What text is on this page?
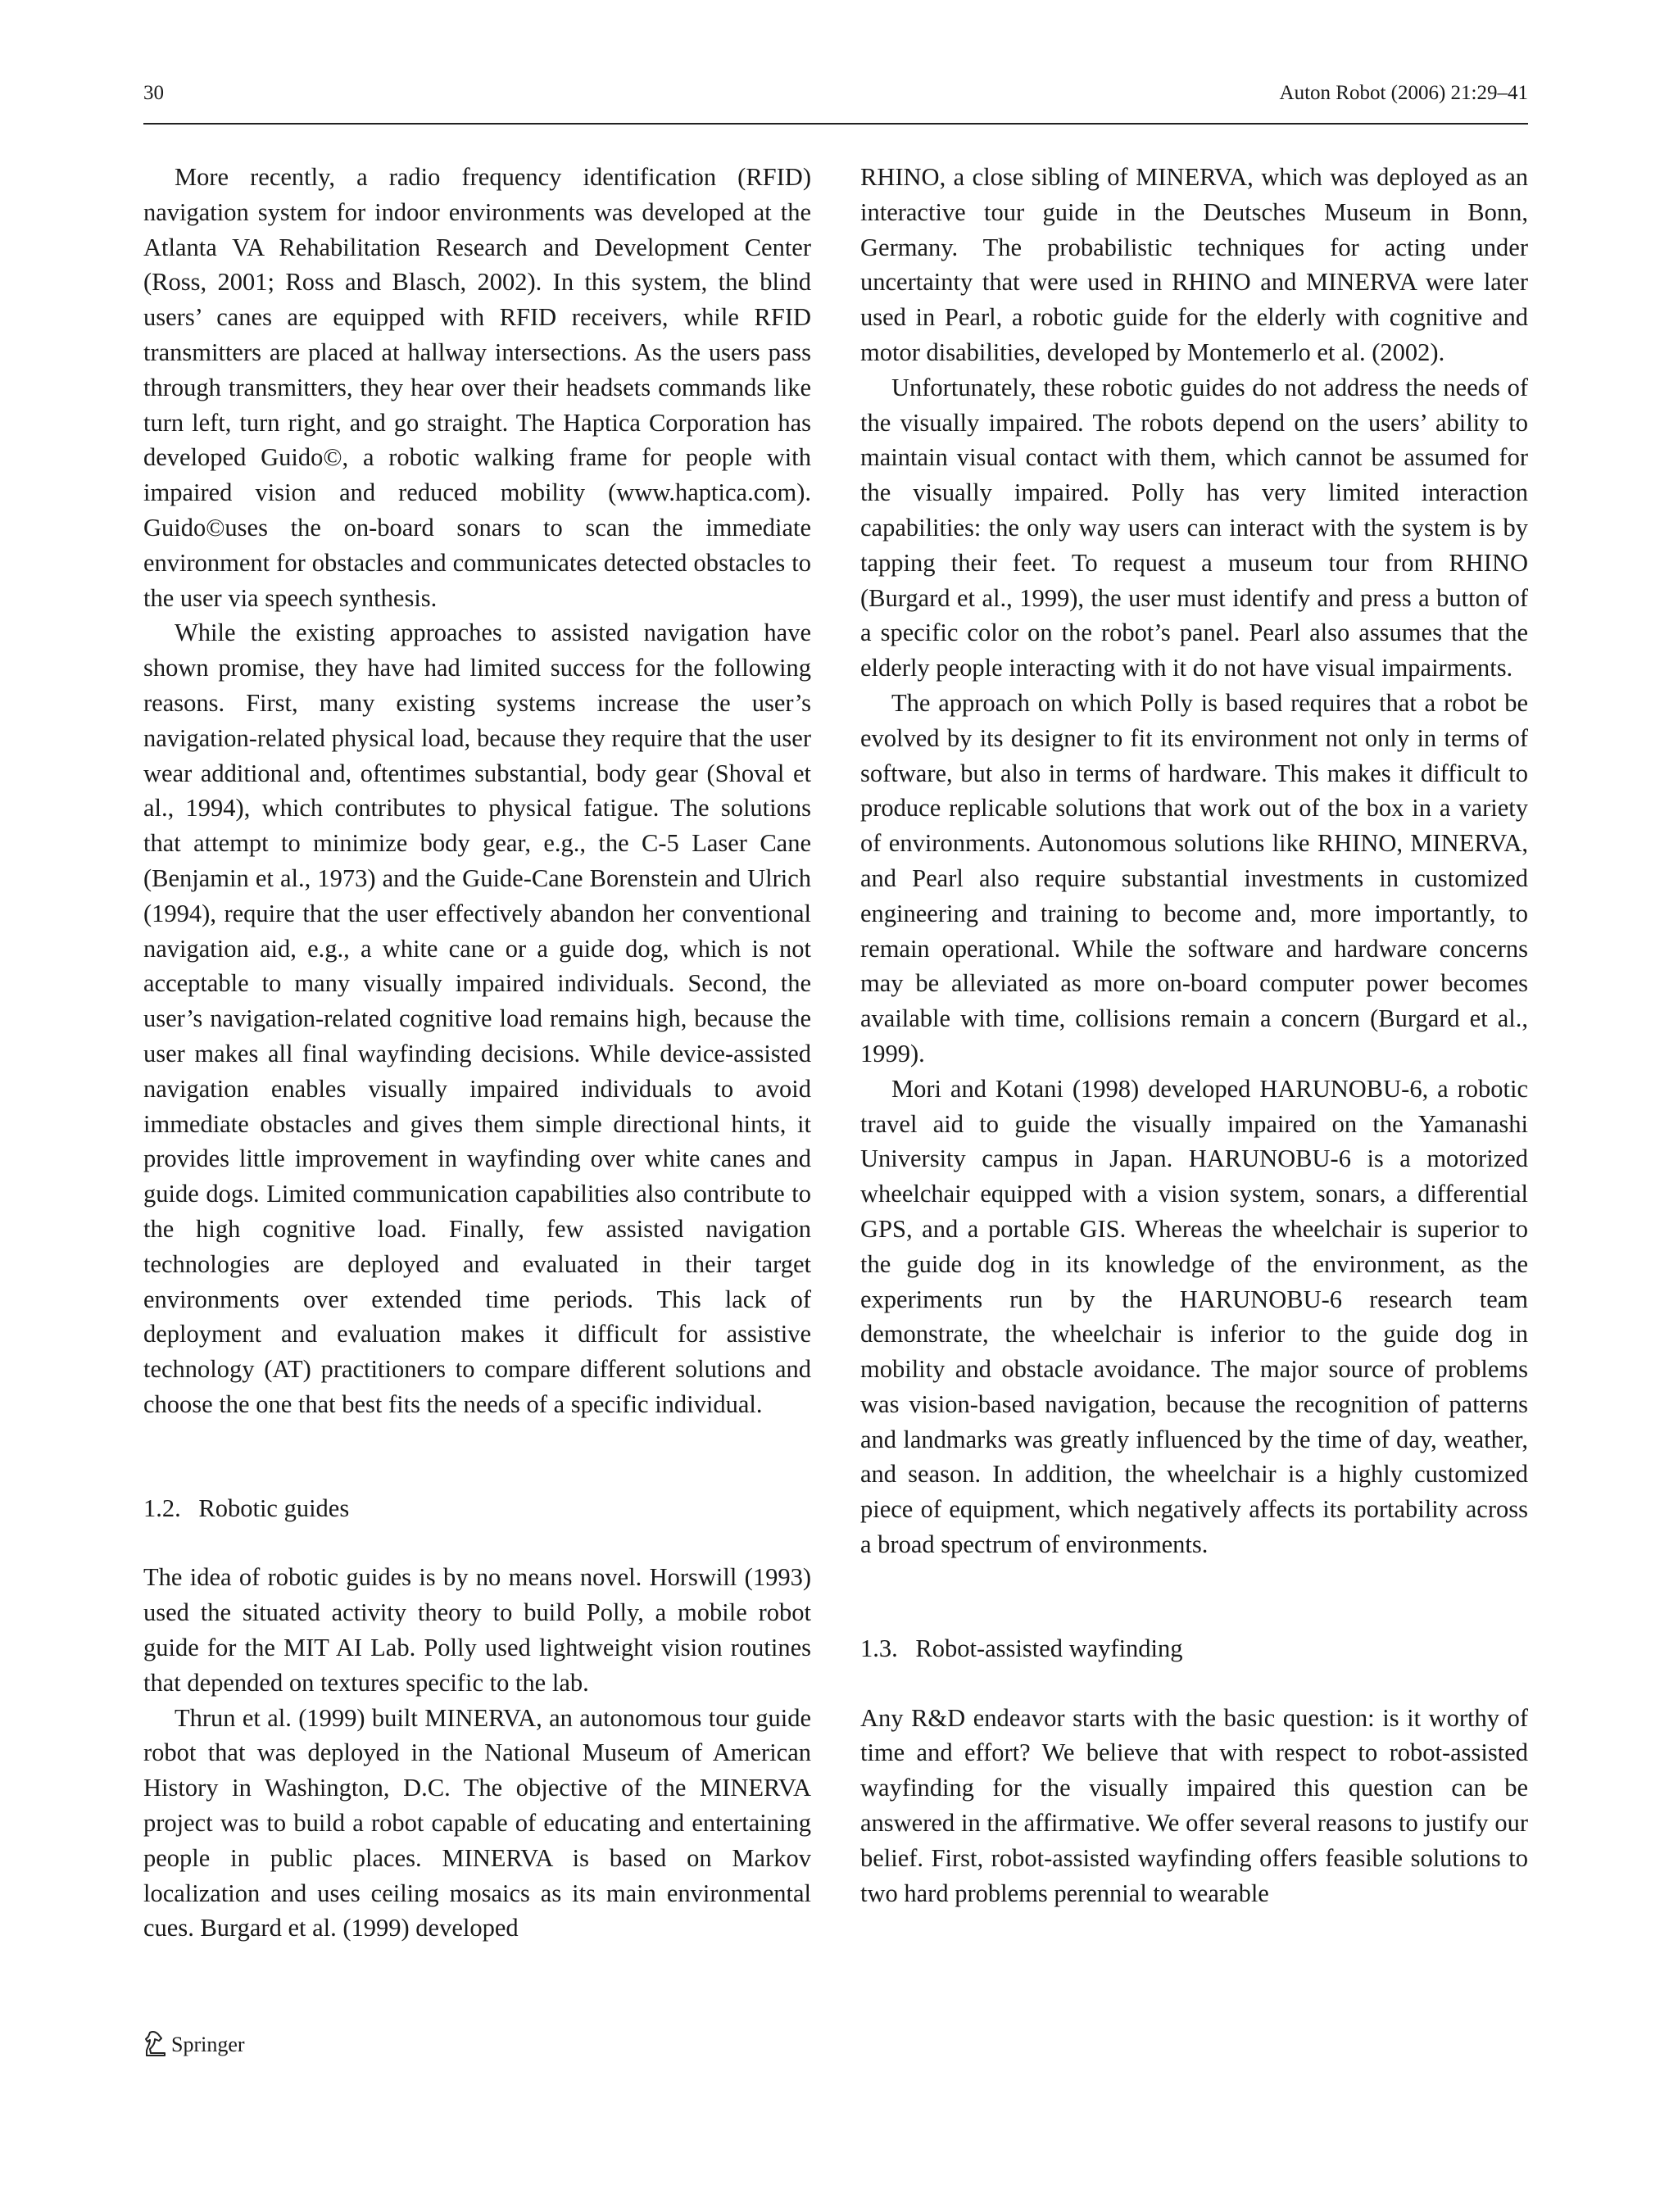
30	Auton Robot (2006) 21:29–41

More recently, a radio frequency identification (RFID) navigation system for indoor environments was developed at the Atlanta VA Rehabilitation Research and Development Center (Ross, 2001; Ross and Blasch, 2002). In this system, the blind users’ canes are equipped with RFID receivers, while RFID transmitters are placed at hallway intersections. As the users pass through transmitters, they hear over their headsets commands like turn left, turn right, and go straight. The Haptica Corporation has developed Guido©, a robotic walking frame for people with impaired vision and reduced mobility (www.haptica.com). Guido©uses the on-board sonars to scan the immediate environment for obstacles and communicates detected obstacles to the user via speech synthesis.

While the existing approaches to assisted navigation have shown promise, they have had limited success for the following reasons. First, many existing systems increase the user’s navigation-related physical load, because they require that the user wear additional and, oftentimes substantial, body gear (Shoval et al., 1994), which contributes to physical fatigue. The solutions that attempt to minimize body gear, e.g., the C-5 Laser Cane (Benjamin et al., 1973) and the Guide-Cane Borenstein and Ulrich (1994), require that the user effectively abandon her conventional navigation aid, e.g., a white cane or a guide dog, which is not acceptable to many visually impaired individuals. Second, the user’s navigation-related cognitive load remains high, because the user makes all final wayfinding decisions. While device-assisted navigation enables visually impaired individuals to avoid immediate obstacles and gives them simple directional hints, it provides little improvement in wayfinding over white canes and guide dogs. Limited communication capabilities also contribute to the high cognitive load. Finally, few assisted navigation technologies are deployed and evaluated in their target environments over extended time periods. This lack of deployment and evaluation makes it difficult for assistive technology (AT) practitioners to compare different solutions and choose the one that best fits the needs of a specific individual.

1.2. Robotic guides

The idea of robotic guides is by no means novel. Horswill (1993) used the situated activity theory to build Polly, a mobile robot guide for the MIT AI Lab. Polly used lightweight vision routines that depended on textures specific to the lab.

Thrun et al. (1999) built MINERVA, an autonomous tour guide robot that was deployed in the National Museum of American History in Washington, D.C. The objective of the MINERVA project was to build a robot capable of educating and entertaining people in public places. MINERVA is based on Markov localization and uses ceiling mosaics as its main environmental cues. Burgard et al. (1999) developed

RHINO, a close sibling of MINERVA, which was deployed as an interactive tour guide in the Deutsches Museum in Bonn, Germany. The probabilistic techniques for acting under uncertainty that were used in RHINO and MINERVA were later used in Pearl, a robotic guide for the elderly with cognitive and motor disabilities, developed by Montemerlo et al. (2002).

Unfortunately, these robotic guides do not address the needs of the visually impaired. The robots depend on the users’ ability to maintain visual contact with them, which cannot be assumed for the visually impaired. Polly has very limited interaction capabilities: the only way users can interact with the system is by tapping their feet. To request a museum tour from RHINO (Burgard et al., 1999), the user must identify and press a button of a specific color on the robot’s panel. Pearl also assumes that the elderly people interacting with it do not have visual impairments.

The approach on which Polly is based requires that a robot be evolved by its designer to fit its environment not only in terms of software, but also in terms of hardware. This makes it difficult to produce replicable solutions that work out of the box in a variety of environments. Autonomous solutions like RHINO, MINERVA, and Pearl also require substantial investments in customized engineering and training to become and, more importantly, to remain operational. While the software and hardware concerns may be alleviated as more on-board computer power becomes available with time, collisions remain a concern (Burgard et al., 1999).

Mori and Kotani (1998) developed HARUNOBU-6, a robotic travel aid to guide the visually impaired on the Yamanashi University campus in Japan. HARUNOBU-6 is a motorized wheelchair equipped with a vision system, sonars, a differential GPS, and a portable GIS. Whereas the wheelchair is superior to the guide dog in its knowledge of the environment, as the experiments run by the HARUNOBU-6 research team demonstrate, the wheelchair is inferior to the guide dog in mobility and obstacle avoidance. The major source of problems was vision-based navigation, because the recognition of patterns and landmarks was greatly influenced by the time of day, weather, and season. In addition, the wheelchair is a highly customized piece of equipment, which negatively affects its portability across a broad spectrum of environments.

1.3. Robot-assisted wayfinding

Any R&D endeavor starts with the basic question: is it worthy of time and effort? We believe that with respect to robot-assisted wayfinding for the visually impaired this question can be answered in the affirmative. We offer several reasons to justify our belief. First, robot-assisted wayfinding offers feasible solutions to two hard problems perennial to wearable

Springer
